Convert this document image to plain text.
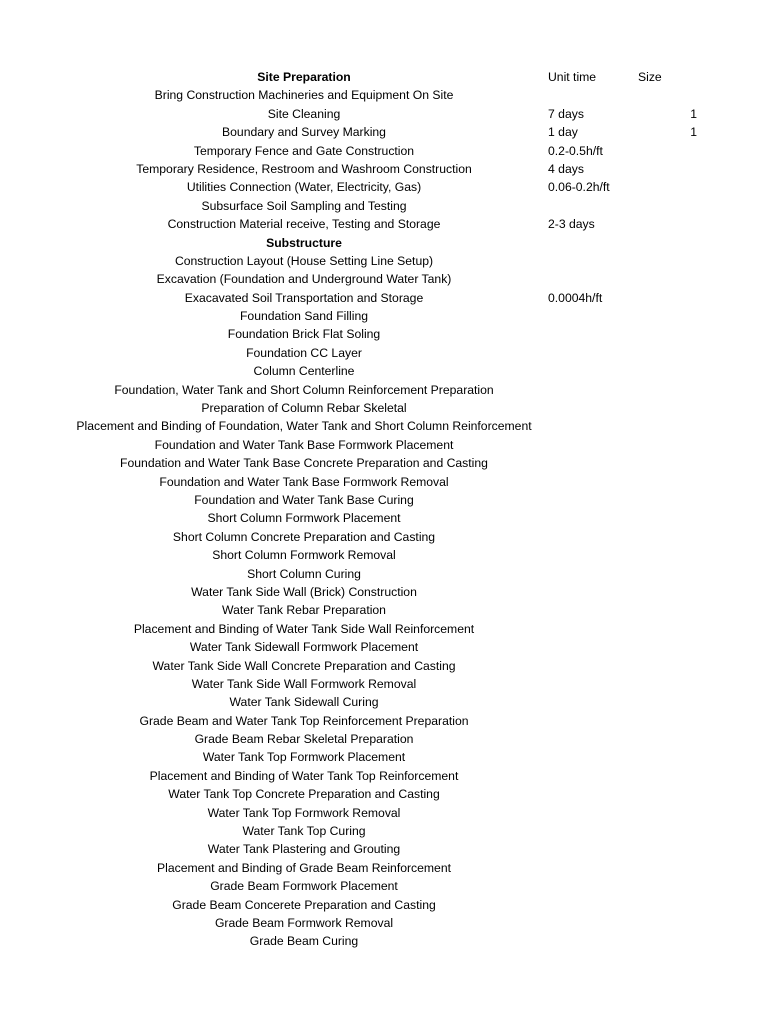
Site Preparation	Unit time	Size
Bring Construction Machineries and Equipment On Site
Site Cleaning	7 days	1
Boundary and Survey Marking	1 day	1
Temporary Fence and Gate Construction	0.2-0.5h/ft
Temporary Residence, Restroom and Washroom Construction	4 days
Utilities Connection (Water, Electricity, Gas)	0.06-0.2h/ft
Subsurface Soil Sampling and Testing
Construction Material receive, Testing and Storage	2-3 days
Substructure
Construction Layout (House Setting Line Setup)
Excavation (Foundation and Underground Water Tank)
Exacavated Soil Transportation and Storage	0.0004h/ft
Foundation Sand Filling
Foundation Brick Flat Soling
Foundation CC Layer
Column Centerline
Foundation, Water Tank and Short Column Reinforcement Preparation
Preparation of Column Rebar Skeletal
Placement and Binding of Foundation, Water Tank and Short Column Reinforcement
Foundation and Water Tank Base Formwork Placement
Foundation and Water Tank Base Concrete Preparation and Casting
Foundation and Water Tank Base Formwork Removal
Foundation and Water Tank Base Curing
Short Column Formwork Placement
Short Column Concrete Preparation and Casting
Short Column Formwork Removal
Short Column Curing
Water Tank Side Wall (Brick) Construction
Water Tank Rebar Preparation
Placement and Binding of Water Tank Side Wall Reinforcement
Water Tank Sidewall Formwork Placement
Water Tank Side Wall Concrete Preparation and Casting
Water Tank Side Wall Formwork Removal
Water Tank Sidewall Curing
Grade Beam and Water Tank Top Reinforcement Preparation
Grade Beam Rebar Skeletal Preparation
Water Tank Top Formwork Placement
Placement and Binding of Water Tank Top Reinforcement
Water Tank Top Concrete Preparation and Casting
Water Tank Top Formwork Removal
Water Tank Top Curing
Water Tank Plastering and Grouting
Placement and Binding of Grade Beam Reinforcement
Grade Beam Formwork Placement
Grade Beam Concerete Preparation and Casting
Grade Beam Formwork Removal
Grade Beam Curing
